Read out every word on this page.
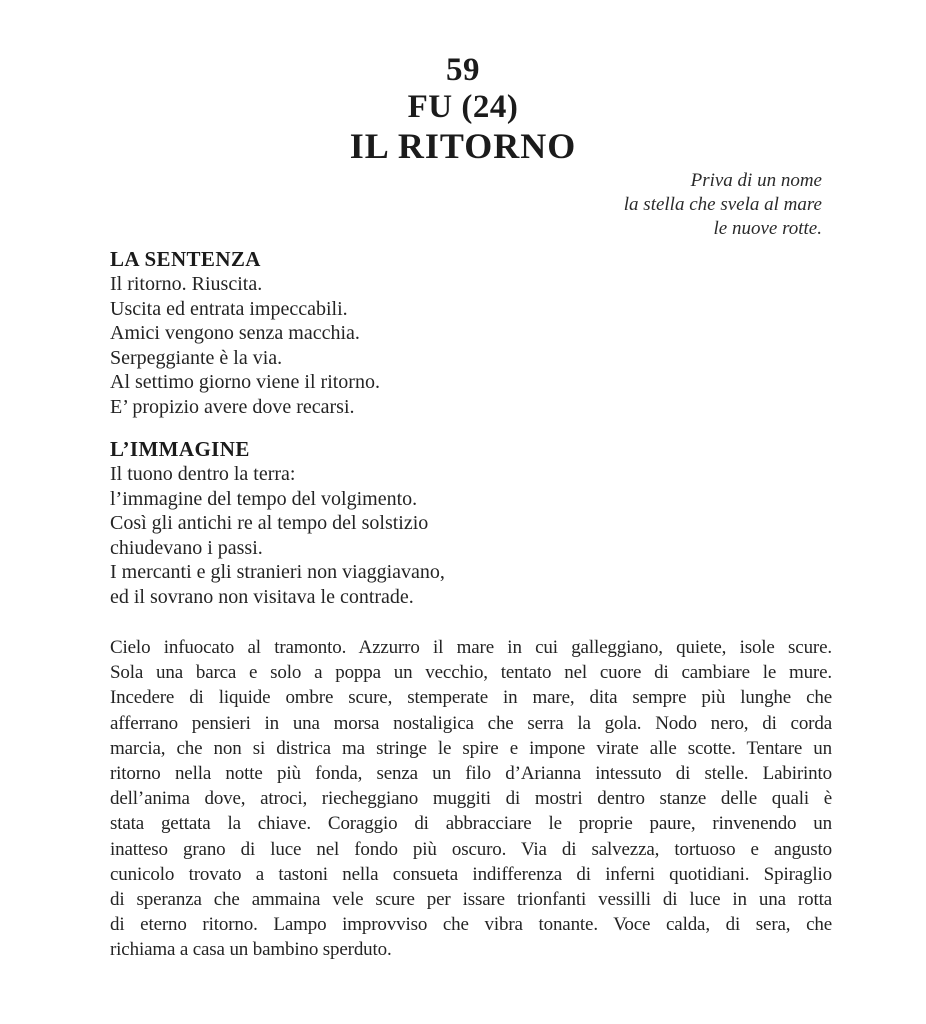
59
FU (24)
IL RITORNO
Priva di un nome
la stella che svela al mare
le nuove rotte.
LA SENTENZA
Il ritorno. Riuscita.
Uscita ed entrata impeccabili.
Amici vengono senza macchia.
Serpeggiante è la via.
Al settimo giorno viene il ritorno.
E’ propizio avere dove recarsi.
L’IMMAGINE
Il tuono dentro la terra:
l’immagine del tempo del volgimento.
Così gli antichi re al tempo del solstizio
chiudevano i passi.
I mercanti e gli stranieri non viaggiavano,
ed il sovrano non visitava le contrade.
Cielo infuocato al tramonto. Azzurro il mare in cui galleggiano, quiete, isole scure.
Sola una barca e solo a poppa un vecchio, tentato nel cuore di cambiare le mure.
Incedere di liquide ombre scure, stemperate in mare, dita sempre più lunghe che
afferrano pensieri in una morsa nostaligica che serra la gola. Nodo nero, di corda
marcia, che non si districa ma stringe le spire e impone virate alle scotte. Tentare un
ritorno nella notte più fonda, senza un filo d’Arianna intessuto di stelle. Labirinto
dell’anima dove, atroci, riecheggiano muggiti di mostri dentro stanze delle quali è
stata gettata la chiave. Coraggio di abbracciare le proprie paure, rinvenendo un
inatteso grano di luce nel fondo più oscuro. Via di salvezza, tortuoso e angusto
cunicolo trovato a tastoni nella consueta indifferenza di inferni quotidiani. Spiraglio
di speranza che ammaina vele scure per issare trionfanti vessilli di luce in una rotta
di eterno ritorno. Lampo improvviso che vibra tonante. Voce calda, di sera, che
richiama a casa un bambino sperduto.
